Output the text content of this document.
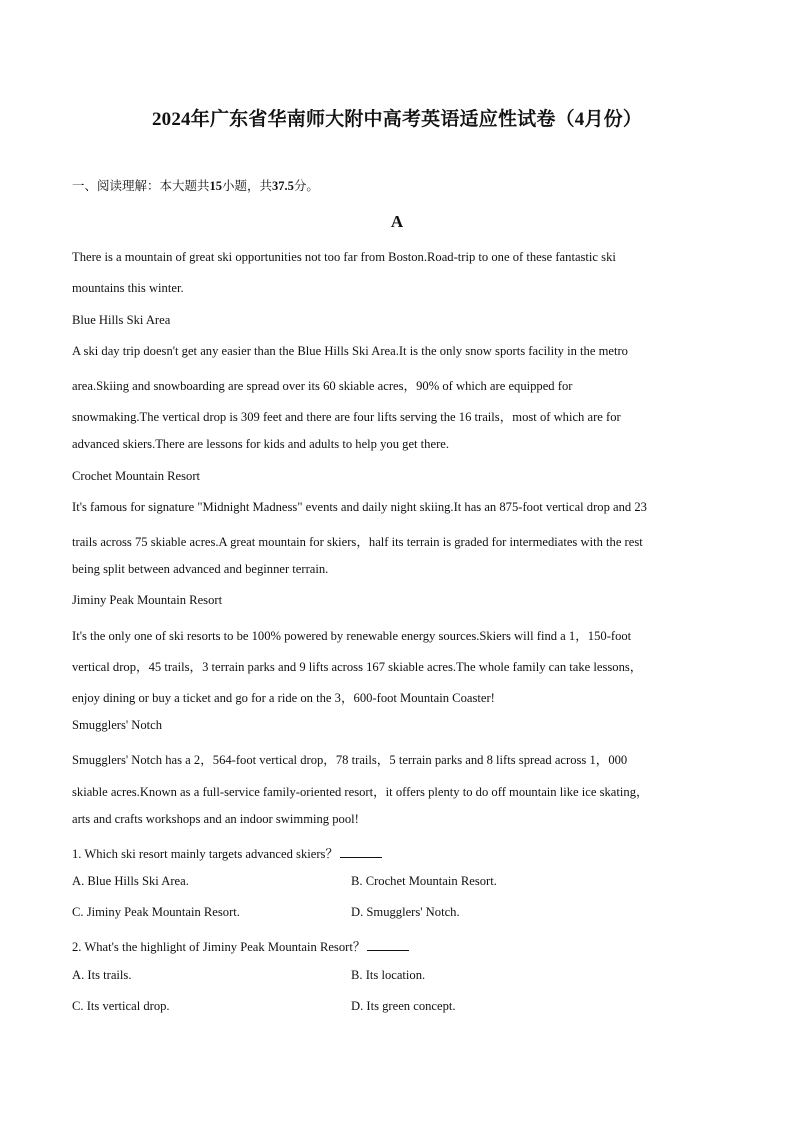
2024年广东省华南师大附中高考英语适应性试卷（4月份）
一、阅读理解：本大题共15小题，共37.5分。
A
There is a mountain of great ski opportunities not too far from Boston.Road-trip to one of these fantastic ski
mountains this winter.
Blue Hills Ski Area
A ski day trip doesn't get any easier than the Blue Hills Ski Area.It is the only snow sports facility in the metro
area.Skiing and snowboarding are spread over its 60 skiable acres，90% of which are equipped for
snowmaking.The vertical drop is 309 feet and there are four lifts serving the 16 trails，most of which are for
advanced skiers.There are lessons for kids and adults to help you get there.
Crochet Mountain Resort
It's famous for signature "Midnight Madness" events and daily night skiing.It has an 875-foot vertical drop and 23
trails across 75 skiable acres.A great mountain for skiers，half its terrain is graded for intermediates with the rest
being split between advanced and beginner terrain.
Jiminy Peak Mountain Resort
It's the only one of ski resorts to be 100% powered by renewable energy sources.Skiers will find a 1，150-foot
vertical drop，45 trails，3 terrain parks and 9 lifts across 167 skiable acres.The whole family can take lessons，
enjoy dining or buy a ticket and go for a ride on the 3，600-foot Mountain Coaster!
Smugglers' Notch
Smugglers' Notch has a 2，564-foot vertical drop，78 trails，5 terrain parks and 8 lifts spread across 1，000
skiable acres.Known as a full-service family-oriented resort，it offers plenty to do off mountain like ice skating，
arts and crafts workshops and an indoor swimming pool!
1. Which ski resort mainly targets advanced skiers？
A. Blue Hills Ski Area.	B. Crochet Mountain Resort.
C. Jiminy Peak Mountain Resort.	D. Smugglers' Notch.
2. What's the highlight of Jiminy Peak Mountain Resort？
A. Its trails.	B. Its location.
C. Its vertical drop.	D. Its green concept.
